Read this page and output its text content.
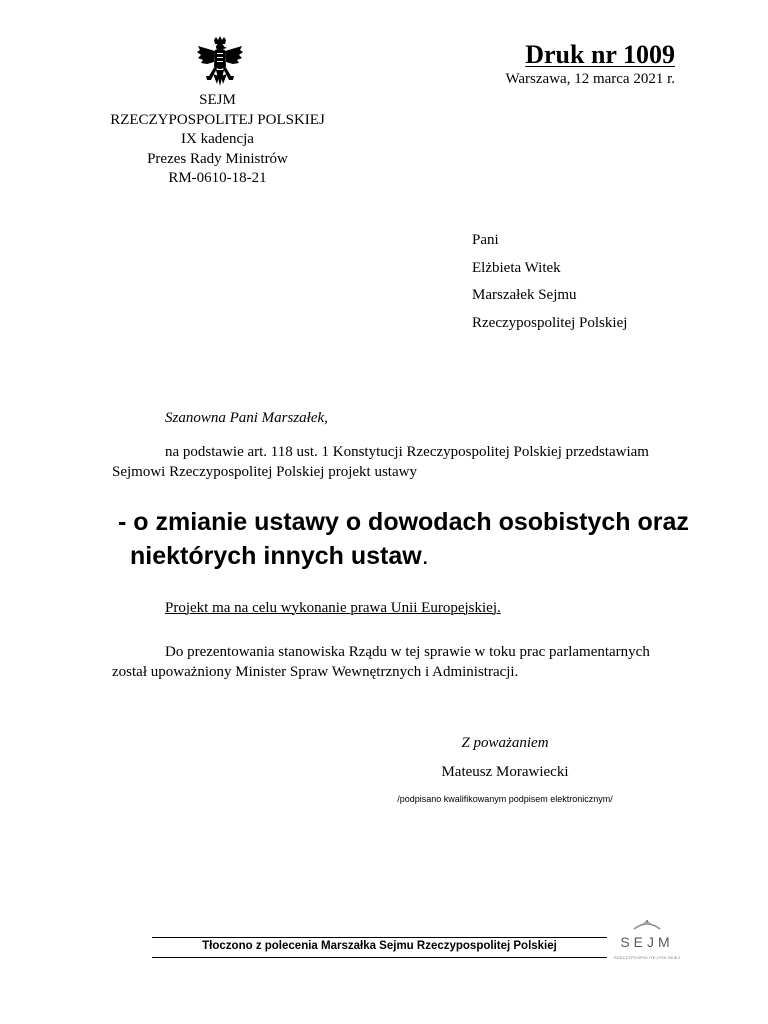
SEJM
RZECZYPOSPOLITEJ POLSKIEJ
IX kadencja
Prezes Rady Ministrów
RM-0610-18-21
Druk nr 1009
Warszawa, 12 marca 2021 r.
Pani
Elżbieta Witek
Marszałek Sejmu
Rzeczypospolitej Polskiej
Szanowna Pani Marszałek,
na podstawie art. 118 ust. 1 Konstytucji Rzeczypospolitej Polskiej przedstawiam
Sejmowi Rzeczypospolitej Polskiej projekt ustawy
- o zmianie ustawy o dowodach osobistych oraz
niektórych innych ustaw.
Projekt ma na celu wykonanie prawa Unii Europejskiej.
Do prezentowania stanowiska Rządu w tej sprawie w toku prac parlamentarnych
został upoważniony Minister Spraw Wewnętrznych i Administracji.
Z poważaniem
Mateusz Morawiecki
/podpisano kwalifikowanym podpisem elektronicznym/
Tłoczono z polecenia Marszałka Sejmu Rzeczypospolitej Polskiej	SEJM
RZECZYPOSPOLITEJ POLSKIEJ
